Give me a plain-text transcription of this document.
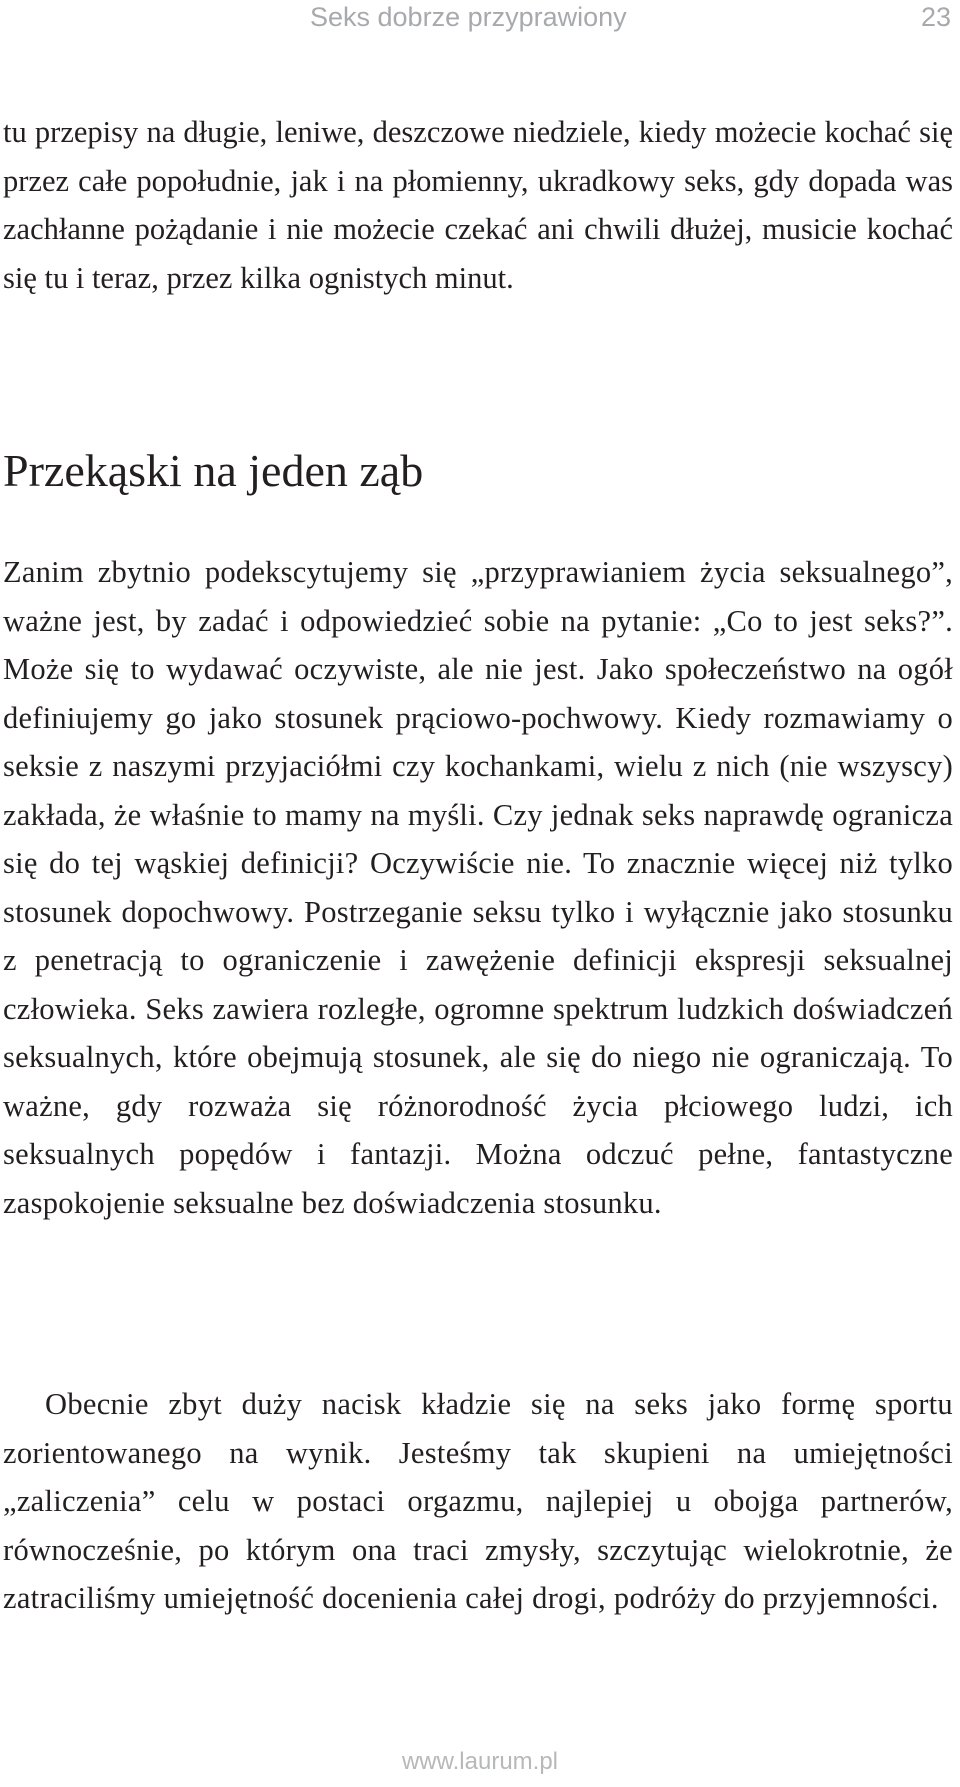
Seks dobrze przyprawiony	23

tu przepisy na długie, leniwe, deszczowe niedziele, kiedy możecie kochać się przez całe popołudnie, jak i na płomienny, ukradkowy seks, gdy dopada was zachłanne pożądanie i nie możecie czekać ani chwili dłużej, musicie kochać się tu i teraz, przez kilka ognistych minut.

Przekąski na jeden ząb

Zanim zbytnio podekscytujemy się „przyprawianiem życia seksualnego”, ważne jest, by zadać i odpowiedzieć sobie na pytanie: „Co to jest seks?”. Może się to wydawać oczywiste, ale nie jest. Jako społeczeństwo na ogół definiujemy go jako stosunek prąciowo-pochwowy. Kiedy rozmawiamy o seksie z naszymi przyjaciółmi czy kochankami, wielu z nich (nie wszyscy) zakłada, że właśnie to mamy na myśli. Czy jednak seks naprawdę ogranicza się do tej wąskiej definicji? Oczywiście nie. To znacznie więcej niż tylko stosunek dopochwowy. Postrzeganie seksu tylko i wyłącznie jako stosunku z penetracją to ograniczenie i zawężenie definicji ekspresji seksualnej człowieka. Seks zawiera rozległe, ogromne spektrum ludzkich doświadczeń seksualnych, które obejmują stosunek, ale się do niego nie ograniczają. To ważne, gdy rozważa się różnorodność życia płciowego ludzi, ich seksualnych popędów i fantazji. Można odczuć pełne, fantastyczne zaspokojenie seksualne bez doświadczenia stosunku.

Obecnie zbyt duży nacisk kładzie się na seks jako formę sportu zorientowanego na wynik. Jesteśmy tak skupieni na umiejętności „zaliczenia” celu w postaci orgazmu, najlepiej u obojga partnerów, równocześnie, po którym ona traci zmysły, szczytując wielokrotnie, że zatraciliśmy umiejętność docenienia całej drogi, podróży do przyjemności.

www.laurum.pl
